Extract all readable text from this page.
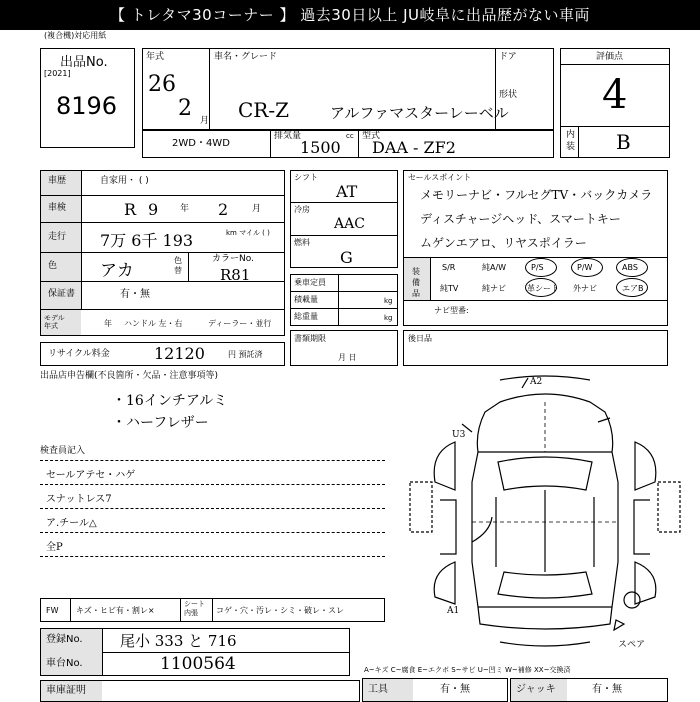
【 トレタマ30コーナー 】 過去30日以上 JU岐阜に出品歴がない車両
(複合機)対応用紙
出品No.
[2021]
8196
年式
26
2 月
車名・グレード
CR-Z	アルファマスターレーベル
ドア
形状
評価点
4
内装 B
2WD・4WD
排気量
1500
cc 型式
DAA - ZF2
車歴	自家用・ ( )
車検	R 9 年 2	月
走行 7万 6千 193	km マイル ( )
色	アカ
色替
カラーNo.
R81
保証書	有・無
モデル年式	年 ハンドル 左・右	ディーラー・並行
リサイクル料金	12120	円 預託済
出品店申告欄(不良箇所・欠品・注意事項等)
・16インチアルミ
・ハーフレザー
検査員記入
セールアテセ・ハゲ
スナットレス7
ア.チール△
全P
シフト
AT
冷房
AAC
燃料
G
乗車定員
積載量	kg
総重量	kg
書類期限
月 日
セールスポイント
メモリーナビ・フルセグTV・バックカメラ
ディスチャージヘッド、スマートキー
ムゲンエアロ、リヤスポイラー
装備品
S/R	純A/W	P/S	P/W	ABS
純TV	純ナビ	革シート 外ナビ	エアB
ナビ型番:
後日品
A2
U3
A1
スペア
FW キズ・ヒビ有・割レ×
シート内張	コゲ・穴・汚レ・シミ・破レ・スレ
登録No. 尾小 333 と 716
車台No.	1100564
車庫証明
A~キズ C~腐食 E~エクボ S~サビ U~凹ミ W~補修 XX~交換済
工具	有・無	ジャッキ	有・無
